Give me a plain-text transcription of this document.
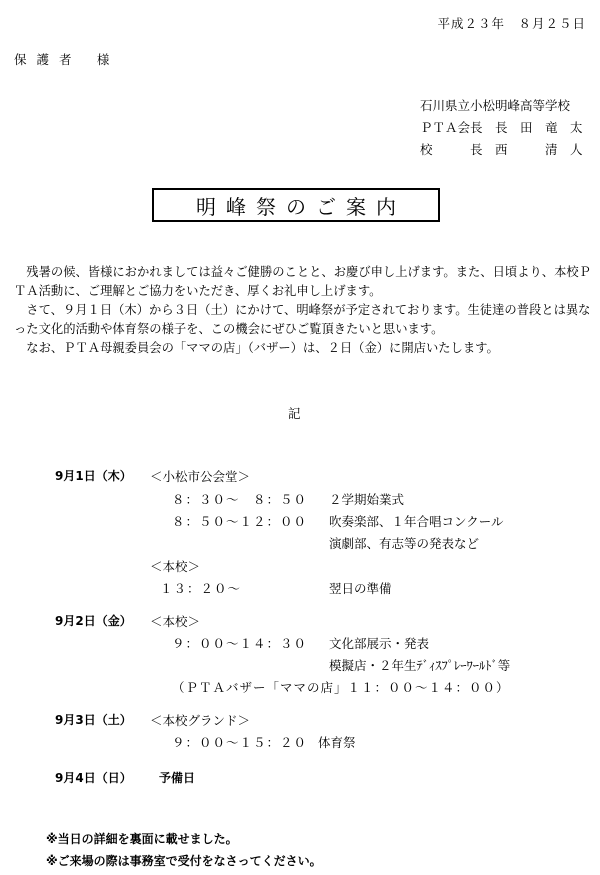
平成２３年　８月２５日
保 護 者　 様
石川県立小松明峰高等学校
ＰＴＡ会長　長　田　竜　太
校　　　長　西　　　清　人
明峰祭のご案内

　残暑の候、皆様におかれましては益々ご健勝のことと、お慶び申し上げます。また、日頃より、本校ＰＴＡ活動に、ご理解とご協力をいただき、厚くお礼申し上げます。

　さて、９月１日（木）から３日（土）にかけて、明峰祭が予定されております。生徒達の普段とは異なった文化的活動や体育祭の様子を、この機会にぜひご覧頂きたいと思います。

　なお、ＰＴＡ母親委員会の「ママの店」（バザー）は、２日（金）に開店いたします。

記
9月1日（木） ＜小松市公会堂＞
８：３０～　８：５０ ２学期始業式
８：５０～１２：００ 吹奏楽部、１年合唱コンクール
演劇部、有志等の発表など
＜本校＞
１３：２０～	翌日の準備
9月2日（金） ＜本校＞
９：００～１４：３０ 文化部展示・発表
模擬店・２年生ﾃﾞｨｽﾌﾟﾚｰﾜｰﾙﾄﾞ等
（ＰＴＡバザー「ママの店」１１：００～１４：００）
9月3日（土） ＜本校グランド＞
９：００～１５：２０ 体育祭
9月4日（日） 予備日
※当日の詳細を裏面に載せました。
※ご来場の際は事務室で受付をなさってください。
